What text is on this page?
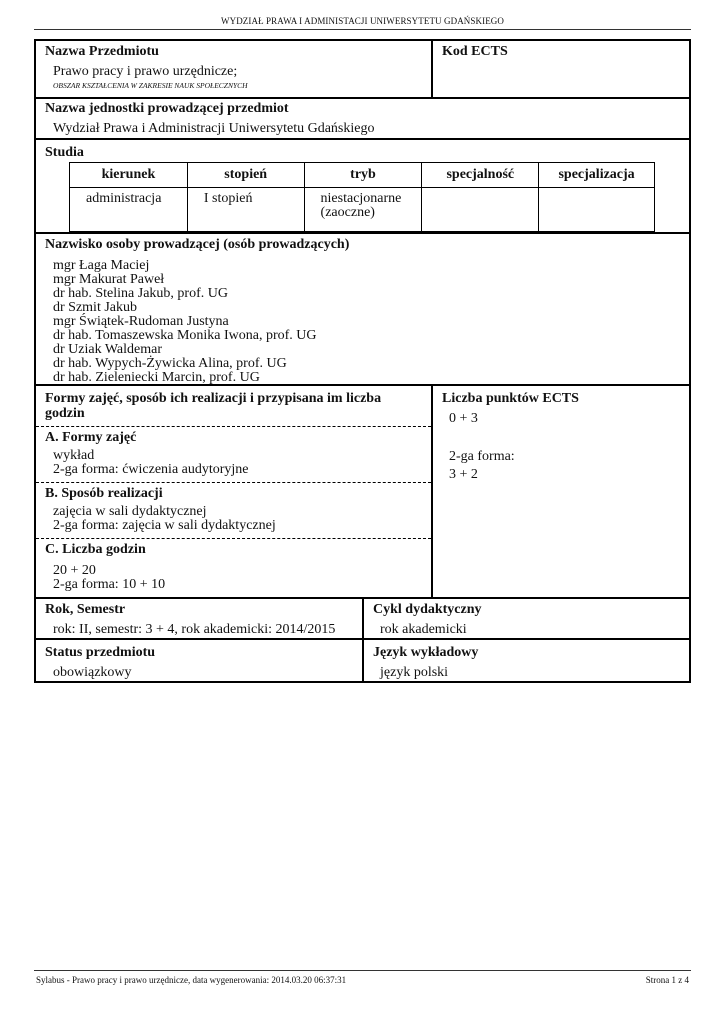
WYDZIAŁ PRAWA I ADMINISTACJI UNIWERSYTETU GDAŃSKIEGO
Nazwa Przedmiotu
Prawo pracy i prawo urzędnicze;
OBSZAR KSZTAŁCENIA W ZAKRESIE NAUK SPOŁECZNYCH
Kod ECTS
Nazwa jednostki prowadzącej przedmiot
Wydział Prawa i Administracji Uniwersytetu Gdańskiego
Studia
kierunek	stopień	tryb	specjalność	specjalizacja
administracja	I stopień	niestacjonarne
(zaoczne)		

Nazwisko osoby prowadzącej (osób prowadzących)
mgr Łaga Maciej
mgr Makurat Paweł
dr hab. Stelina Jakub, prof. UG
dr Szmit Jakub
mgr Świątek-Rudoman Justyna
dr hab. Tomaszewska Monika Iwona, prof. UG
dr Uziak Waldemar
dr hab. Wypych-Żywicka Alina, prof. UG
dr hab. Zieleniecki Marcin, prof. UG
Formy zajęć, sposób ich realizacji i przypisana im liczba
godzin
A. Formy zajęć
wykład
2-ga forma: ćwiczenia audytoryjne
B. Sposób realizacji
zajęcia w sali dydaktycznej
2-ga forma: zajęcia w sali dydaktycznej
C. Liczba godzin
20 + 20
2-ga forma: 10 + 10
Liczba punktów ECTS
0 + 3
2-ga forma:
3 + 2
Rok, Semestr
rok: II, semestr: 3 + 4, rok akademicki: 2014/2015
Cykl dydaktyczny
rok akademicki
Status przedmiotu
obowiązkowy
Język wykładowy
język polski
Sylabus - Prawo pracy i prawo urzędnicze, data wygenerowania: 2014.03.20 06:37:31	Strona 1 z 4
